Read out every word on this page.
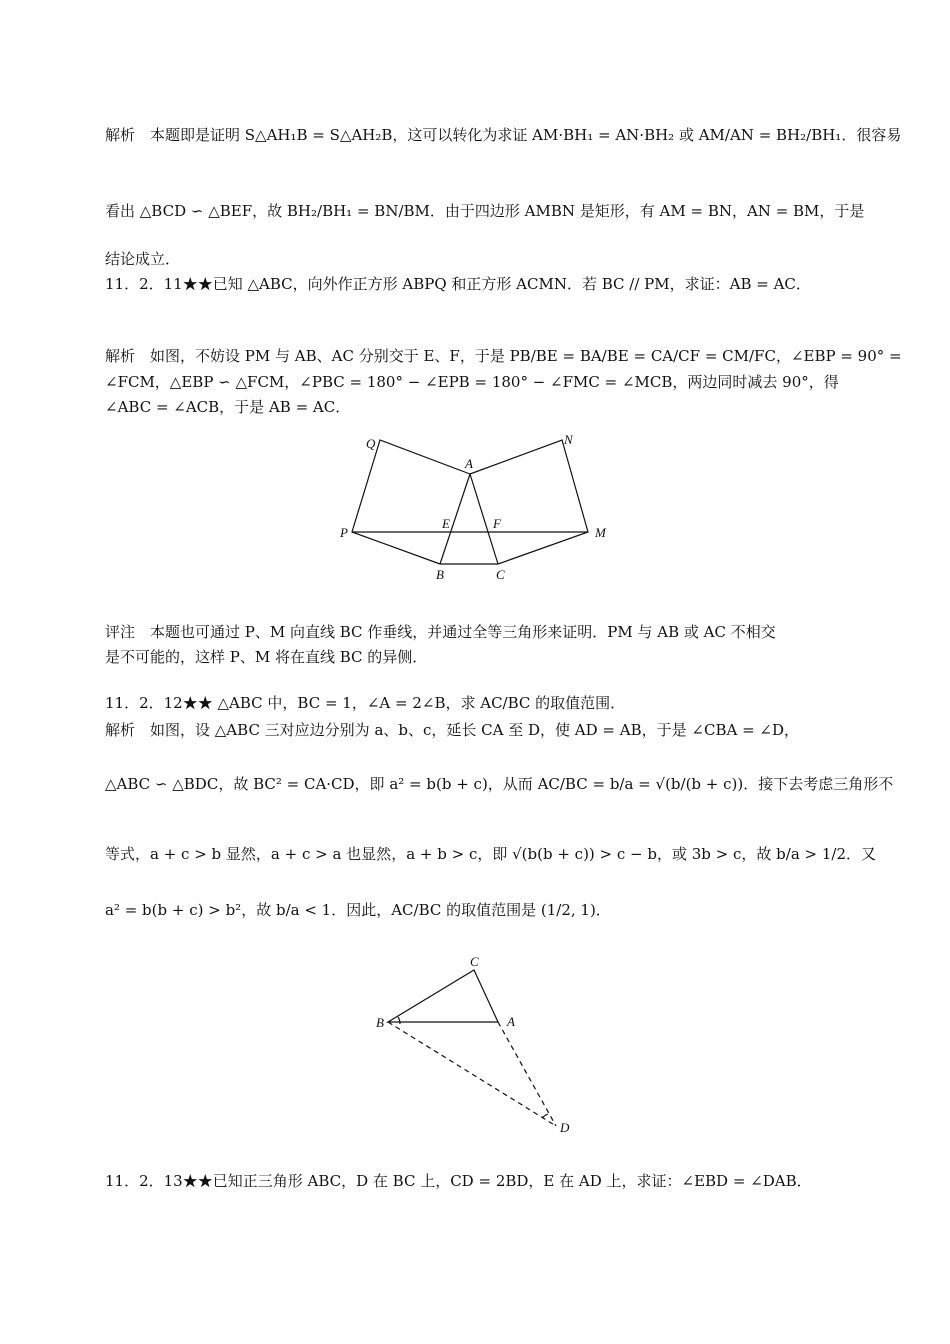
解析　本题即是证明 S△AH₁B = S△AH₂B，这可以转化为求证 AM·BH₁ = AN·BH₂ 或 AM/AN = BH₂/BH₁．很容易
看出 △BCD ∽ △BEF，故 BH₂/BH₁ = BN/BM．由于四边形 AMBN 是矩形，有 AM = BN，AN = BM，于是
结论成立．
11．2．11★★已知 △ABC，向外作正方形 ABPQ 和正方形 ACMN．若 BC // PM，求证：AB = AC．
解析　如图，不妨设 PM 与 AB、AC 分别交于 E、F，于是 PB/BE = BA/BE = CA/CF = CM/FC，∠EBP = 90° =
∠FCM，△EBP ∽ △FCM，∠PBC = 180° − ∠EPB = 180° − ∠FMC = ∠MCB，两边同时减去 90°，得
∠ABC = ∠ACB，于是 AB = AC．
Q
A
N
P
E	F
M
B	C
评注　本题也可通过 P、M 向直线 BC 作垂线，并通过全等三角形来证明．PM 与 AB 或 AC 不相交
是不可能的，这样 P、M 将在直线 BC 的异侧．
11．2．12★★ △ABC 中，BC = 1，∠A = 2∠B，求 AC/BC 的取值范围．
解析　如图，设 △ABC 三对应边分别为 a、b、c，延长 CA 至 D，使 AD = AB，于是 ∠CBA = ∠D，
△ABC ∽ △BDC，故 BC² = CA·CD，即 a² = b(b + c)，从而 AC/BC = b/a = √(b/(b + c))．接下去考虑三角形不
等式，a + c > b 显然，a + c > a 也显然，a + b > c，即 √(b(b + c)) > c − b，或 3b > c，故 b/a > 1/2．又
a² = b(b + c) > b²，故 b/a < 1．因此，AC/BC 的取值范围是 (1/2, 1)．
C
B	A
D
11．2．13★★已知正三角形 ABC，D 在 BC 上，CD = 2BD，E 在 AD 上，求证：∠EBD = ∠DAB．
